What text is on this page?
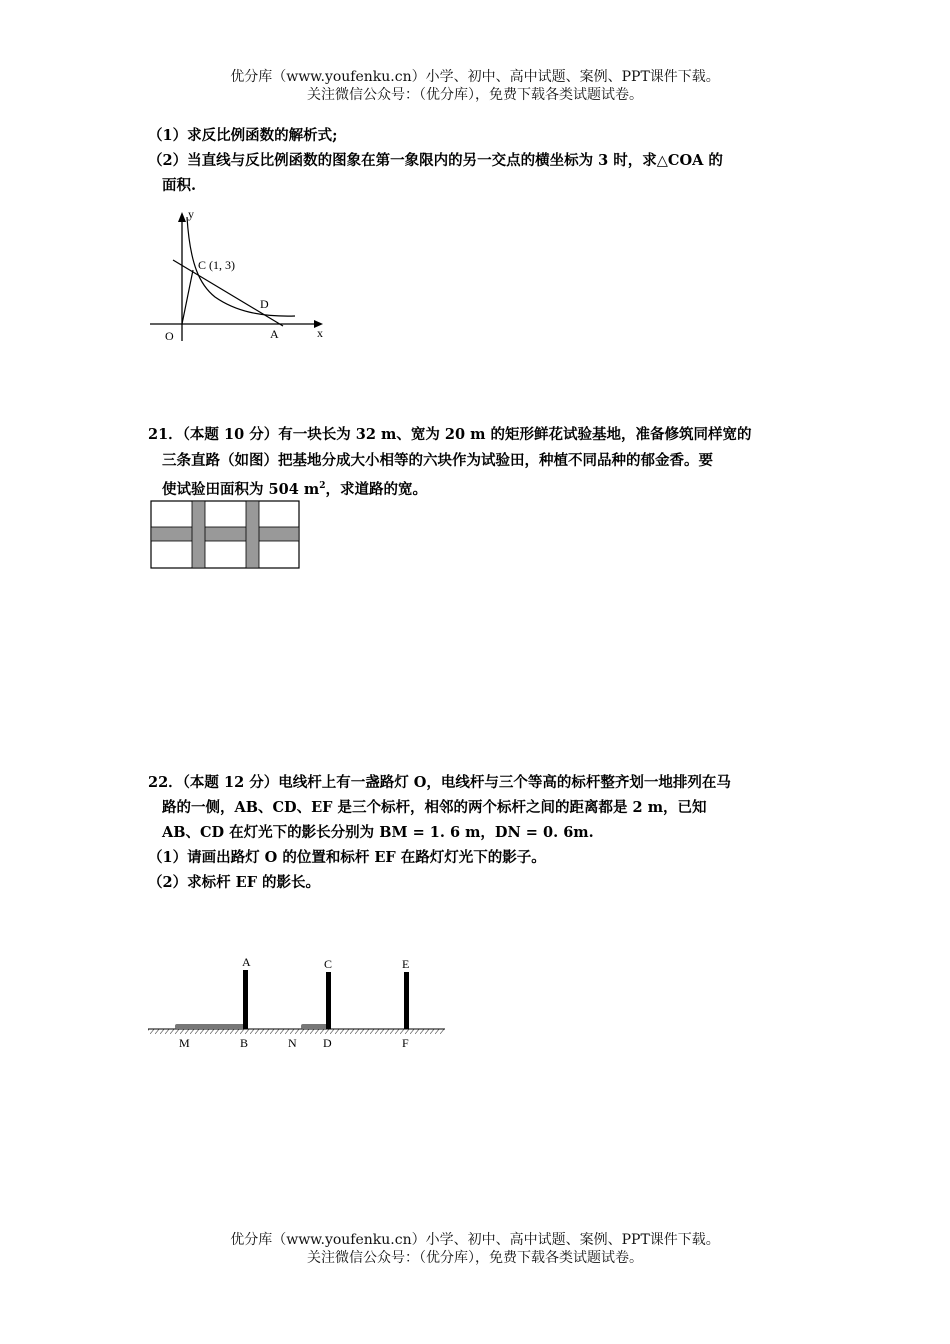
优分库（www.youfenku.cn）小学、初中、高中试题、案例、PPT课件下载。
关注微信公众号：（优分库），免费下载各类试题试卷。
（1）求反比例函数的解析式;
（2）当直线与反比例函数的图象在第一象限内的另一交点的横坐标为 3 时，求△COA 的
面积.
y
x
O	A
C (1, 3)
D
21．（本题 10 分）有一块长为 32 m、宽为 20 m 的矩形鲜花试验基地，准备修筑同样宽的
三条直路（如图）把基地分成大小相等的六块作为试验田，种植不同品种的郁金香。要
使试验田面积为 504 $m^2$，求道路的宽。
22．（本题 12 分）电线杆上有一盏路灯 O，电线杆与三个等高的标杆整齐划一地排列在马
路的一侧，AB、CD、EF 是三个标杆，相邻的两个标杆之间的距离都是 2 m，已知
AB、CD 在灯光下的影长分别为 BM = 1. 6 m，DN = 0. 6m.
（1）请画出路灯 O 的位置和标杆 EF 在路灯灯光下的影子。
（2）求标杆 EF 的影长。
A	C	E
M	B	N D	F
优分库（www.youfenku.cn）小学、初中、高中试题、案例、PPT课件下载。
关注微信公众号：（优分库），免费下载各类试题试卷。
